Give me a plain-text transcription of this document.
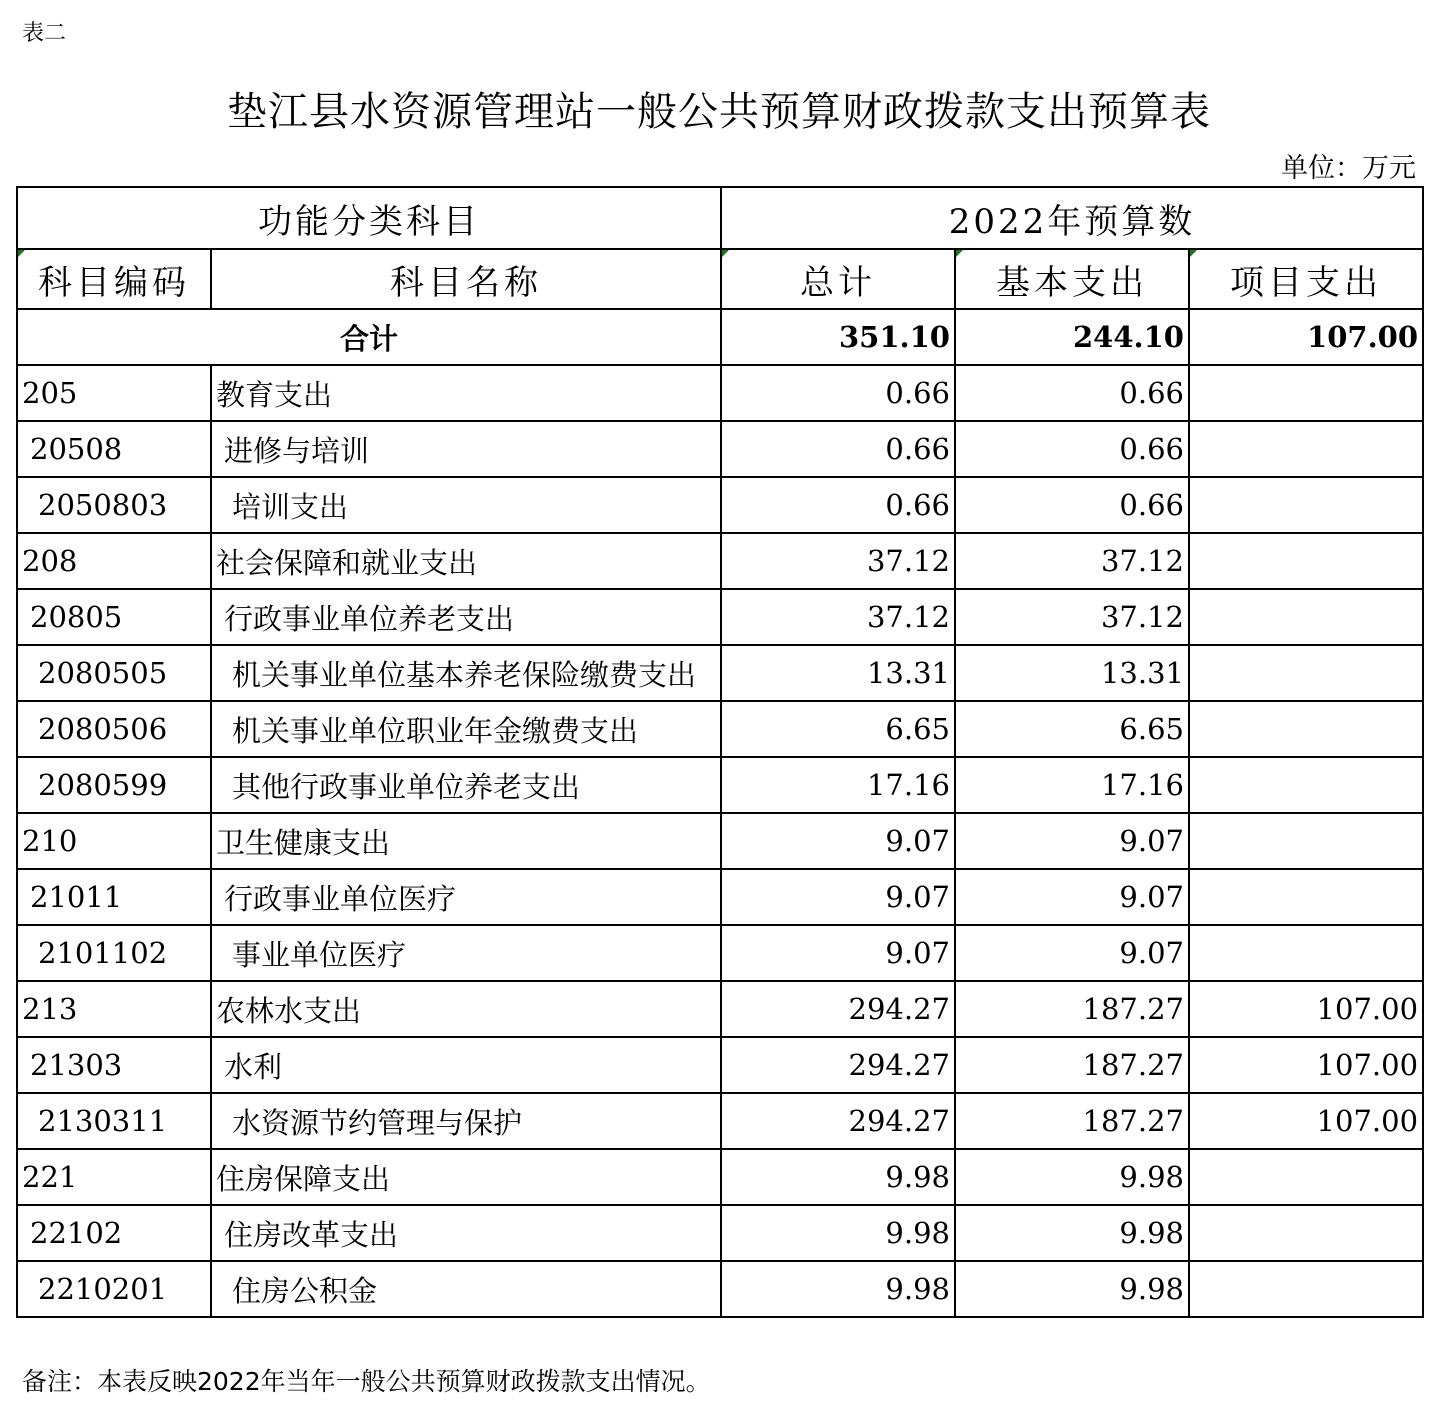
表二
垫江县水资源管理站一般公共预算财政拨款支出预算表
单位：万元
功能分类科目		2022年预算数		
科目编码	科目名称	总计	基本支出	项目支出
合计		351.10	244.10	107.00
205	教育支出	0.66	0.66	
20508	进修与培训	0.66	0.66	
2050803	培训支出	0.66	0.66	
208	社会保障和就业支出	37.12	37.12	
20805	行政事业单位养老支出	37.12	37.12	
2080505	机关事业单位基本养老保险缴费支出	13.31	13.31	
2080506	机关事业单位职业年金缴费支出	6.65	6.65	
2080599	其他行政事业单位养老支出	17.16	17.16	
210	卫生健康支出	9.07	9.07	
21011	行政事业单位医疗	9.07	9.07	
2101102	事业单位医疗	9.07	9.07	
213	农林水支出	294.27	187.27	107.00
21303	水利	294.27	187.27	107.00
2130311	水资源节约管理与保护	294.27	187.27	107.00
221	住房保障支出	9.98	9.98	
22102	住房改革支出	9.98	9.98	
2210201	住房公积金	9.98	9.98	
备注：本表反映2022年当年一般公共预算财政拨款支出情况。
